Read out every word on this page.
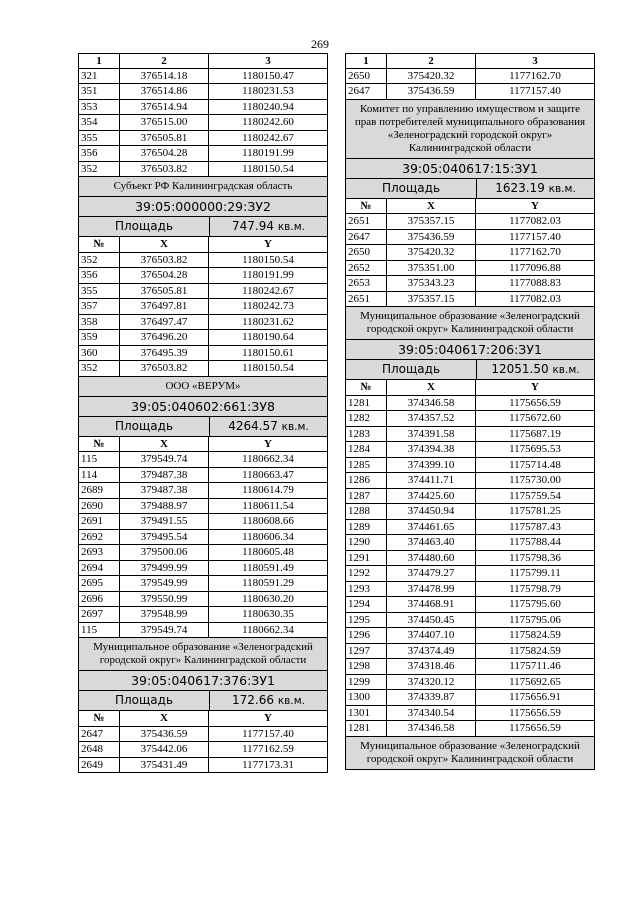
269
1	2	3
321	376514.18	1180150.47
351	376514.86	1180231.53
353	376514.94	1180240.94
354	376515.00	1180242.60
355	376505.81	1180242.67
356	376504.28	1180191.99
352	376503.82	1180150.54
Субъект РФ Калининградская область
39:05:000000:29:ЗУ2
Площадь	747.94 кв.м.
№	X	Y
352	376503.82	1180150.54
356	376504.28	1180191.99
355	376505.81	1180242.67
357	376497.81	1180242.73
358	376497.47	1180231.62
359	376496.20	1180190.64
360	376495.39	1180150.61
352	376503.82	1180150.54
ООО «ВЕРУМ»
39:05:040602:661:ЗУ8
Площадь	4264.57 кв.м.
№	X	Y
115	379549.74	1180662.34
114	379487.38	1180663.47
2689	379487.38	1180614.79
2690	379488.97	1180611.54
2691	379491.55	1180608.66
2692	379495.54	1180606.34
2693	379500.06	1180605.48
2694	379499.99	1180591.49
2695	379549.99	1180591.29
2696	379550.99	1180630.20
2697	379548.99	1180630.35
115	379549.74	1180662.34
Муниципальное образование «Зеленоградский городской округ» Калининградской области
39:05:040617:376:ЗУ1
Площадь	172.66 кв.м.
№	X	Y
2647	375436.59	1177157.40
2648	375442.06	1177162.59
2649	375431.49	1177173.31
1	2	3
2650	375420.32	1177162.70
2647	375436.59	1177157.40
Комитет по управлению имуществом и защите прав потребителей муниципального образования «Зеленоградский городской округ» Калининградской области
39:05:040617:15:ЗУ1
Площадь	1623.19 кв.м.
№	X	Y
2651	375357.15	1177082.03
2647	375436.59	1177157.40
2650	375420.32	1177162.70
2652	375351.00	1177096.88
2653	375343.23	1177088.83
2651	375357.15	1177082.03
Муниципальное образование «Зеленоградский городской округ» Калининградской области
39:05:040617:206:ЗУ1
Площадь	12051.50 кв.м.
№	X	Y
1281	374346.58	1175656.59
1282	374357.52	1175672.60
1283	374391.58	1175687.19
1284	374394.38	1175695.53
1285	374399.10	1175714.48
1286	374411.71	1175730.00
1287	374425.60	1175759.54
1288	374450.94	1175781.25
1289	374461.65	1175787.43
1290	374463.40	1175788.44
1291	374480.60	1175798.36
1292	374479.27	1175799.11
1293	374478.99	1175798.79
1294	374468.91	1175795.60
1295	374450.45	1175795.06
1296	374407.10	1175824.59
1297	374374.49	1175824.59
1298	374318.46	1175711.46
1299	374320.12	1175692.65
1300	374339.87	1175656.91
1301	374340.54	1175656.59
1281	374346.58	1175656.59
Муниципальное образование «Зеленоградский городской округ» Калининградской области
